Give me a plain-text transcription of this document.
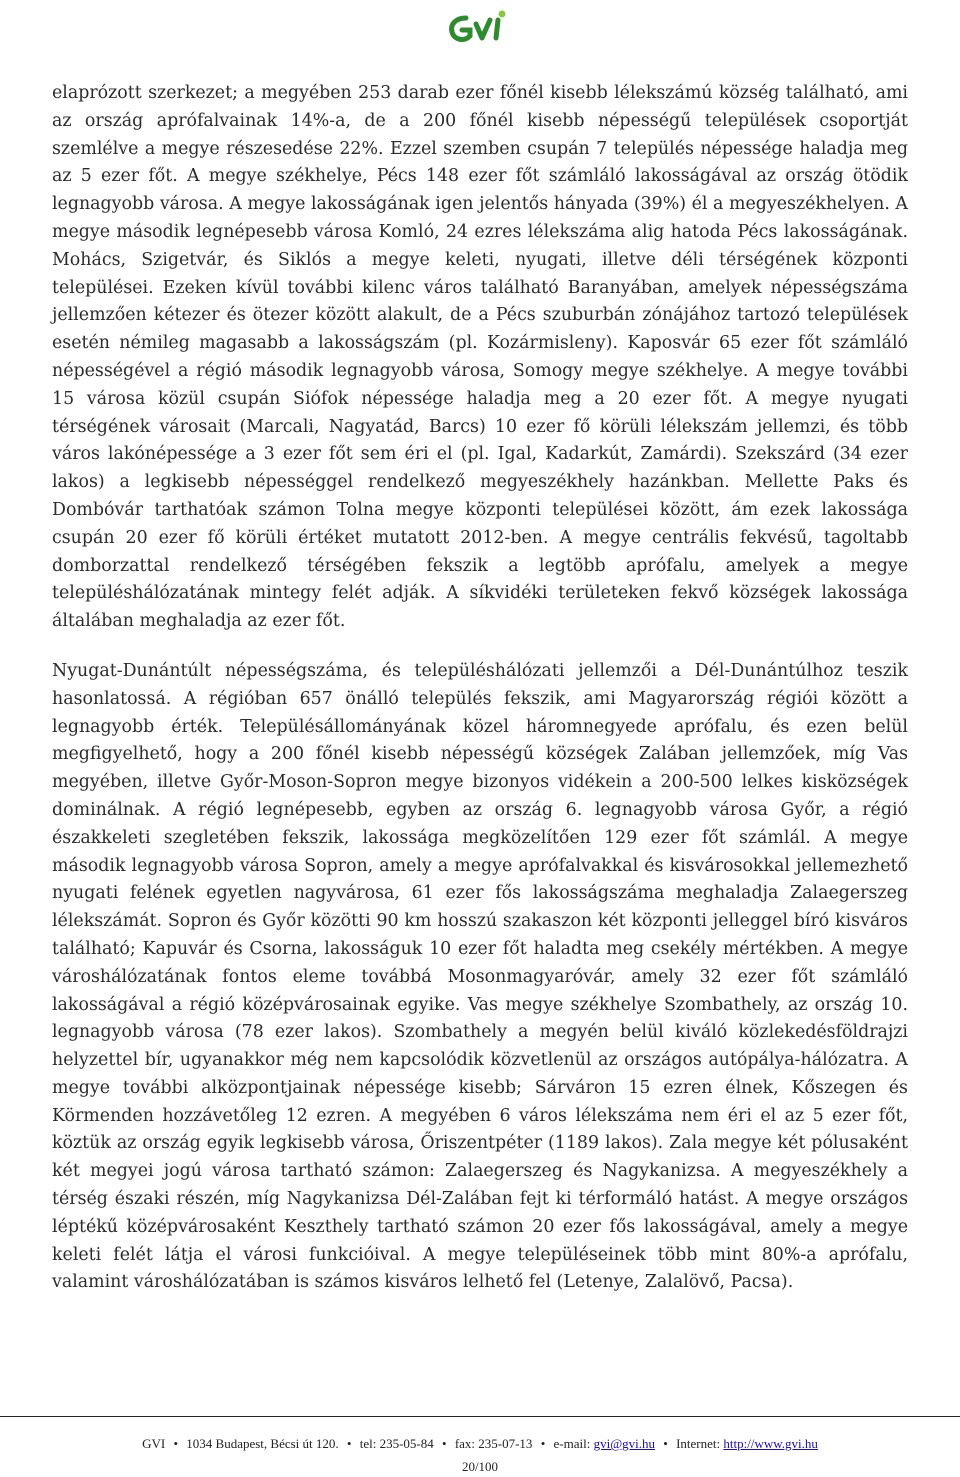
elaprózott szerkezet; a megyében 253 darab ezer főnél kisebb lélekszámú község található, ami az ország aprófalvainak 14%-a, de a 200 főnél kisebb népességű települések csoportját szemlélve a megye részesedése 22%. Ezzel szemben csupán 7 település népessége haladja meg az 5 ezer főt. A megye székhelye, Pécs 148 ezer főt számláló lakosságával az ország ötödik legnagyobb városa. A megye lakosságának igen jelentős hányada (39%) él a megyeszékhelyen. A megye második legnépesebb városa Komló, 24 ezres lélekszáma alig hatoda Pécs lakosságának. Mohács, Szigetvár, és Siklós a megye keleti, nyugati, illetve déli térségének központi települései. Ezeken kívül további kilenc város található Baranyában, amelyek népességszáma jellemzően kétezer és ötezer között alakult, de a Pécs szuburbán zónájához tartozó települések esetén némileg magasabb a lakosságszám (pl. Kozármisleny). Kaposvár 65 ezer főt számláló népességével a régió második legnagyobb városa, Somogy megye székhelye. A megye további 15 városa közül csupán Siófok népessége haladja meg a 20 ezer főt. A megye nyugati térségének városait (Marcali, Nagyatád, Barcs) 10 ezer fő körüli lélekszám jellemzi, és több város lakónépessége a 3 ezer főt sem éri el (pl. Igal, Kadarkút, Zamárdi). Szekszárd (34 ezer lakos) a legkisebb népességgel rendelkező megyeszékhely hazánkban. Mellette Paks és Dombóvár tarthatóak számon Tolna megye központi települései között, ám ezek lakossága csupán 20 ezer fő körüli értéket mutatott 2012-ben. A megye centrális fekvésű, tagoltabb domborzattal rendelkező térségében fekszik a legtöbb aprófalu, amelyek a megye településhálózatának mintegy felét adják. A síkvidéki területeken fekvő községek lakossága általában meghaladja az ezer főt.

Nyugat-Dunántúlt népességszáma, és településhálózati jellemzői a Dél-Dunántúlhoz teszik hasonlatossá. A régióban 657 önálló település fekszik, ami Magyarország régiói között a legnagyobb érték. Településállományának közel háromnegyede aprófalu, és ezen belül megfigyelhető, hogy a 200 főnél kisebb népességű községek Zalában jellemzőek, míg Vas megyében, illetve Győr-Moson-Sopron megye bizonyos vidékein a 200-500 lelkes kisközségek dominálnak. A régió legnépesebb, egyben az ország 6. legnagyobb városa Győr, a régió északkeleti szegletében fekszik, lakossága megközelítően 129 ezer főt számlál. A megye második legnagyobb városa Sopron, amely a megye aprófalvakkal és kisvárosokkal jellemezhető nyugati felének egyetlen nagyvárosa, 61 ezer fős lakosságszáma meghaladja Zalaegerszeg lélekszámát. Sopron és Győr közötti 90 km hosszú szakaszon két központi jelleggel bíró kisváros található; Kapuvár és Csorna, lakosságuk 10 ezer főt haladta meg csekély mértékben. A megye városhálózatának fontos eleme továbbá Mosonmagyaróvár, amely 32 ezer főt számláló lakosságával a régió középvárosainak egyike. Vas megye székhelye Szombathely, az ország 10. legnagyobb városa (78 ezer lakos). Szombathely a megyén belül kiváló közlekedésföldrajzi helyzettel bír, ugyanakkor még nem kapcsolódik közvetlenül az országos autópálya-hálózatra. A megye további alközpontjainak népessége kisebb; Sárváron 15 ezren élnek, Kőszegen és Körmenden hozzávetőleg 12 ezren. A megyében 6 város lélekszáma nem éri el az 5 ezer főt, köztük az ország egyik legkisebb városa, Őriszentpéter (1189 lakos). Zala megye két pólusaként két megyei jogú városa tartható számon: Zalaegerszeg és Nagykanizsa. A megyeszékhely a térség északi részén, míg Nagykanizsa Dél-Zalában fejt ki térformáló hatást. A megye országos léptékű középvárosaként Keszthely tartható számon 20 ezer fős lakosságával, amely a megye keleti felét látja el városi funkcióival. A megye településeinek több mint 80%-a aprófalu, valamint városhálózatában is számos kisváros lelhető fel (Letenye, Zalalövő, Pacsa).

GVI • 1034 Budapest, Bécsi út 120. • tel: 235-05-84 • fax: 235-07-13 • e-mail: gvi@gvi.hu • Internet: http://www.gvi.hu
20/100
